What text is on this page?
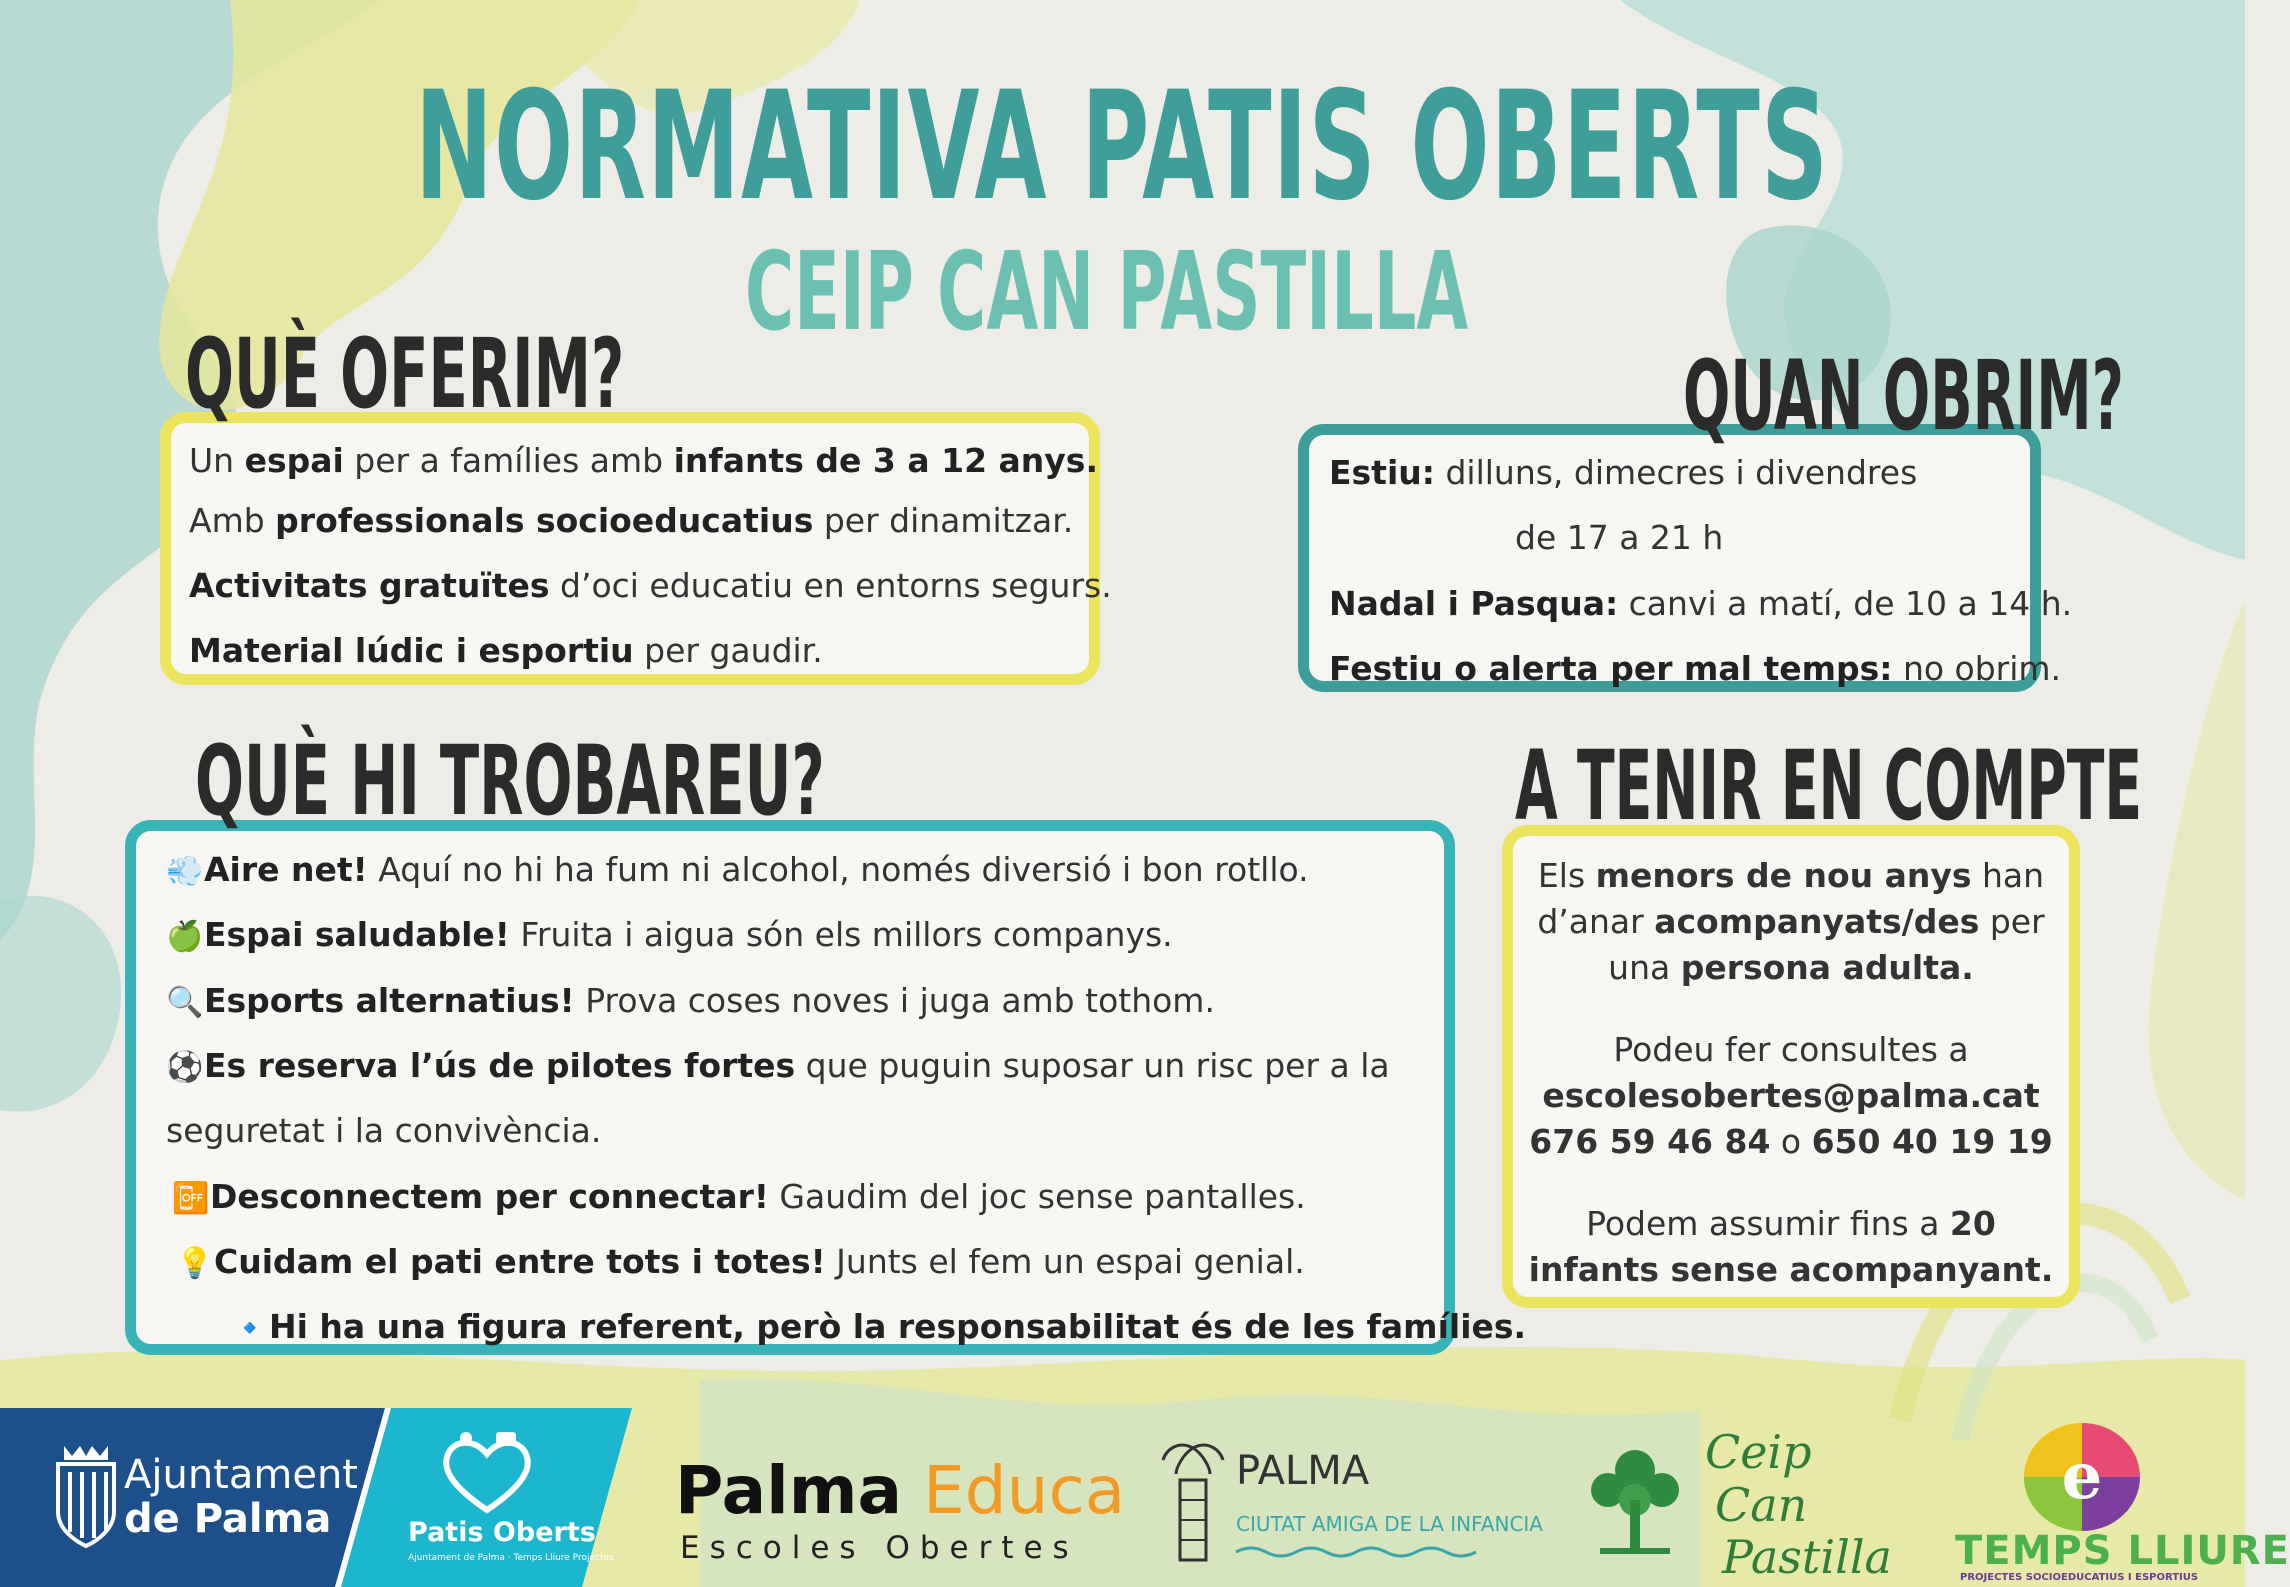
NORMATIVA PATIS OBERTS
CEIP CAN PASTILLA
Un espai per a famílies amb infants de 3 a 12 anys.
Amb professionals socioeducatius per dinamitzar.
Activitats gratuïtes d’oci educatiu en entorns segurs.
Material lúdic i esportiu per gaudir.
QUÈ OFERIM?
Estiu: dilluns, dimecres i divendres
de 17 a 21 h
Nadal i Pasqua: canvi a matí, de 10 a 14 h.
Festiu o alerta per mal temps: no obrim.
QUAN OBRIM?
💨Aire net! Aquí no hi ha fum ni alcohol, només diversió i bon rotllo.
🍏Espai saludable! Fruita i aigua són els millors companys.
🔍Esports alternatius! Prova coses noves i juga amb tothom.
⚽Es reserva l’ús de pilotes fortes que puguin suposar un risc per a la
seguretat i la convivència.
📴Desconnectem per connectar! Gaudim del joc sense pantalles.
💡Cuidam el pati entre tots i totes! Junts el fem un espai genial.
🔹Hi ha una figura referent, però la responsabilitat és de les famílies.
QUÈ HI TROBAREU?
Els menors de nou anys han
d’anar acompanyats/des per
una persona adulta.
Podeu fer consultes a
escolesobertes@palma.cat
676 59 46 84 o 650 40 19 19
Podem assumir fins a 20
infants sense acompanyant.
A TENIR EN COMPTE
Ajuntament
de Palma	Patis Oberts
Ajuntament de Palma · Temps Lliure Projectes
Palma Educa
Escoles Obertes
PALMA
CIUTAT AMIGA DE LA INFANCIA
Ceip
Can
Pastilla
e
TEMPS LLIURE
PROJECTES SOCIOEDUCATIUS I ESPORTIUS
